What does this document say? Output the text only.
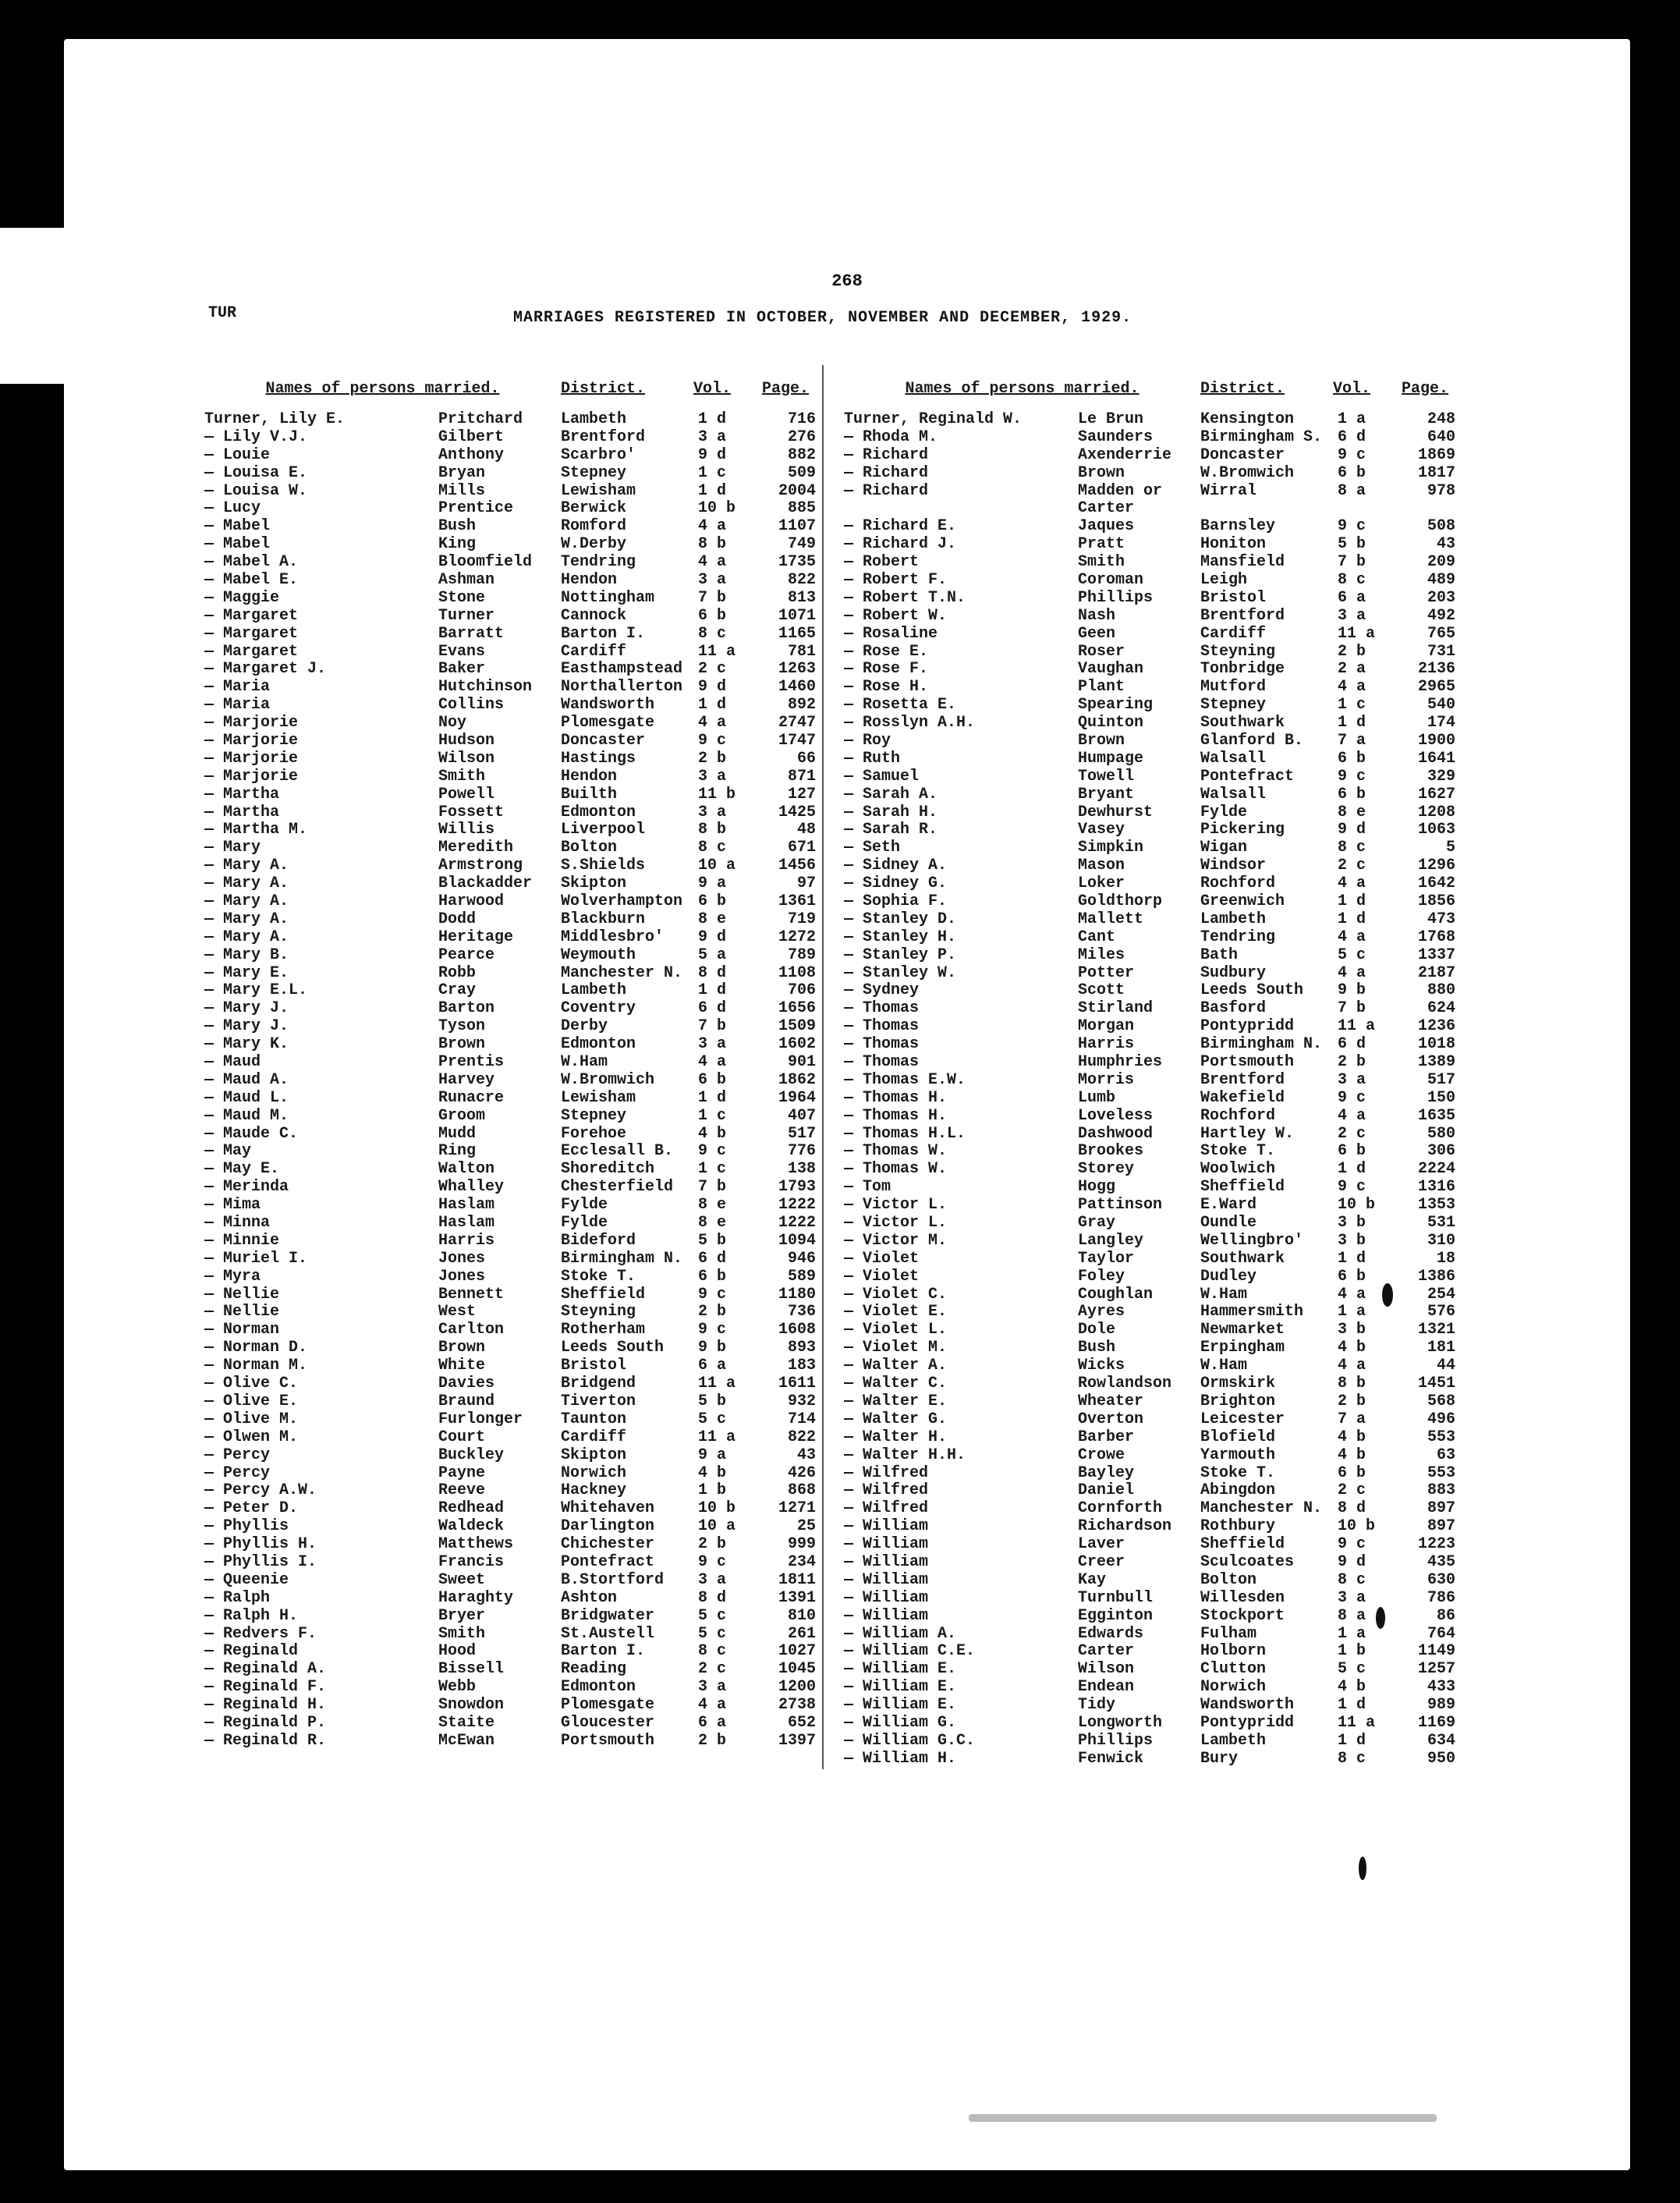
268
TUR	MARRIAGES REGISTERED IN OCTOBER, NOVEMBER AND DECEMBER, 1929.
Names of persons married.	District.	Vol.	Page.
Turner, Lily E.	Pritchard	Lambeth	1 d	716
— Lily V.J.	Gilbert	Brentford	3 a	276
— Louie	Anthony	Scarbro'	9 d	882
— Louisa E.	Bryan	Stepney	1 c	509
— Louisa W.	Mills	Lewisham	1 d	2004
— Lucy	Prentice	Berwick	10 b	885
— Mabel	Bush	Romford	4 a	1107
— Mabel	King	W.Derby	8 b	749
— Mabel A.	Bloomfield	Tendring	4 a	1735
— Mabel E.	Ashman	Hendon	3 a	822
— Maggie	Stone	Nottingham	7 b	813
— Margaret	Turner	Cannock	6 b	1071
— Margaret	Barratt	Barton I.	8 c	1165
— Margaret	Evans	Cardiff	11 a	781
— Margaret J.	Baker	Easthampstead 2 c	1263
— Maria	Hutchinson	Northallerton 9 d	1460
— Maria	Collins	Wandsworth	1 d	892
— Marjorie	Noy	Plomesgate	4 a	2747
— Marjorie	Hudson	Doncaster	9 c	1747
— Marjorie	Wilson	Hastings	2 b	66
— Marjorie	Smith	Hendon	3 a	871
— Martha	Powell	Builth	11 b	127
— Martha	Fossett	Edmonton	3 a	1425
— Martha M.	Willis	Liverpool	8 b	48
— Mary	Meredith	Bolton	8 c	671
— Mary A.	Armstrong	S.Shields	10 a	1456
— Mary A.	Blackadder	Skipton	9 a	97
— Mary A.	Harwood	Wolverhampton 6 b	1361
— Mary A.	Dodd	Blackburn	8 e	719
— Mary A.	Heritage	Middlesbro'	9 d	1272
— Mary B.	Pearce	Weymouth	5 a	789
— Mary E.	Robb	Manchester N. 8 d	1108
— Mary E.L.	Cray	Lambeth	1 d	706
— Mary J.	Barton	Coventry	6 d	1656
— Mary J.	Tyson	Derby	7 b	1509
— Mary K.	Brown	Edmonton	3 a	1602
— Maud	Prentis	W.Ham	4 a	901
— Maud A.	Harvey	W.Bromwich	6 b	1862
— Maud L.	Runacre	Lewisham	1 d	1964
— Maud M.	Groom	Stepney	1 c	407
— Maude C.	Mudd	Forehoe	4 b	517
— May	Ring	Ecclesall B.	9 c	776
— May E.	Walton	Shoreditch	1 c	138
— Merinda	Whalley	Chesterfield	7 b	1793
— Mima	Haslam	Fylde	8 e	1222
— Minna	Haslam	Fylde	8 e	1222
— Minnie	Harris	Bideford	5 b	1094
— Muriel I.	Jones	Birmingham N. 6 d	946
— Myra	Jones	Stoke T.	6 b	589
— Nellie	Bennett	Sheffield	9 c	1180
— Nellie	West	Steyning	2 b	736
— Norman	Carlton	Rotherham	9 c	1608
— Norman D.	Brown	Leeds South	9 b	893
— Norman M.	White	Bristol	6 a	183
— Olive C.	Davies	Bridgend	11 a	1611
— Olive E.	Braund	Tiverton	5 b	932
— Olive M.	Furlonger	Taunton	5 c	714
— Olwen M.	Court	Cardiff	11 a	822
— Percy	Buckley	Skipton	9 a	43
— Percy	Payne	Norwich	4 b	426
— Percy A.W.	Reeve	Hackney	1 b	868
— Peter D.	Redhead	Whitehaven	10 b	1271
— Phyllis	Waldeck	Darlington	10 a	25
— Phyllis H.	Matthews	Chichester	2 b	999
— Phyllis I.	Francis	Pontefract	9 c	234
— Queenie	Sweet	B.Stortford	3 a	1811
— Ralph	Haraghty	Ashton	8 d	1391
— Ralph H.	Bryer	Bridgwater	5 c	810
— Redvers F.	Smith	St.Austell	5 c	261
— Reginald	Hood	Barton I.	8 c	1027
— Reginald A.	Bissell	Reading	2 c	1045
— Reginald F.	Webb	Edmonton	3 a	1200
— Reginald H.	Snowdon	Plomesgate	4 a	2738
— Reginald P.	Staite	Gloucester	6 a	652
— Reginald R.	McEwan	Portsmouth	2 b	1397
Names of persons married.	District.	Vol.	Page.
Turner, Reginald W.	Le Brun	Kensington	1 a	248
— Rhoda M.	Saunders	Birmingham S. 6 d	640
— Richard	Axenderrie	Doncaster	9 c	1869
— Richard	Brown	W.Bromwich	6 b	1817
— Richard	Madden or	Wirral	8 a	978
Carter
— Richard E.	Jaques	Barnsley	9 c	508
— Richard J.	Pratt	Honiton	5 b	43
— Robert	Smith	Mansfield	7 b	209
— Robert F.	Coroman	Leigh	8 c	489
— Robert T.N.	Phillips	Bristol	6 a	203
— Robert W.	Nash	Brentford	3 a	492
— Rosaline	Geen	Cardiff	11 a	765
— Rose E.	Roser	Steyning	2 b	731
— Rose F.	Vaughan	Tonbridge	2 a	2136
— Rose H.	Plant	Mutford	4 a	2965
— Rosetta E.	Spearing	Stepney	1 c	540
— Rosslyn A.H.	Quinton	Southwark	1 d	174
— Roy	Brown	Glanford B.	7 a	1900
— Ruth	Humpage	Walsall	6 b	1641
— Samuel	Towell	Pontefract	9 c	329
— Sarah A.	Bryant	Walsall	6 b	1627
— Sarah H.	Dewhurst	Fylde	8 e	1208
— Sarah R.	Vasey	Pickering	9 d	1063
— Seth	Simpkin	Wigan	8 c	5
— Sidney A.	Mason	Windsor	2 c	1296
— Sidney G.	Loker	Rochford	4 a	1642
— Sophia F.	Goldthorp	Greenwich	1 d	1856
— Stanley D.	Mallett	Lambeth	1 d	473
— Stanley H.	Cant	Tendring	4 a	1768
— Stanley P.	Miles	Bath	5 c	1337
— Stanley W.	Potter	Sudbury	4 a	2187
— Sydney	Scott	Leeds South	9 b	880
— Thomas	Stirland	Basford	7 b	624
— Thomas	Morgan	Pontypridd	11 a	1236
— Thomas	Harris	Birmingham N. 6 d	1018
— Thomas	Humphries	Portsmouth	2 b	1389
— Thomas E.W.	Morris	Brentford	3 a	517
— Thomas H.	Lumb	Wakefield	9 c	150
— Thomas H.	Loveless	Rochford	4 a	1635
— Thomas H.L.	Dashwood	Hartley W.	2 c	580
— Thomas W.	Brookes	Stoke T.	6 b	306
— Thomas W.	Storey	Woolwich	1 d	2224
— Tom	Hogg	Sheffield	9 c	1316
— Victor L.	Pattinson	E.Ward	10 b	1353
— Victor L.	Gray	Oundle	3 b	531
— Victor M.	Langley	Wellingbro'	3 b	310
— Violet	Taylor	Southwark	1 d	18
— Violet	Foley	Dudley	6 b	1386
— Violet C.	Coughlan	W.Ham	4 a	254
— Violet E.	Ayres	Hammersmith	1 a	576
— Violet L.	Dole	Newmarket	3 b	1321
— Violet M.	Bush	Erpingham	4 b	181
— Walter A.	Wicks	W.Ham	4 a	44
— Walter C.	Rowlandson	Ormskirk	8 b	1451
— Walter E.	Wheater	Brighton	2 b	568
— Walter G.	Overton	Leicester	7 a	496
— Walter H.	Barber	Blofield	4 b	553
— Walter H.H.	Crowe	Yarmouth	4 b	63
— Wilfred	Bayley	Stoke T.	6 b	553
— Wilfred	Daniel	Abingdon	2 c	883
— Wilfred	Cornforth	Manchester N. 8 d	897
— William	Richardson	Rothbury	10 b	897
— William	Laver	Sheffield	9 c	1223
— William	Creer	Sculcoates	9 d	435
— William	Kay	Bolton	8 c	630
— William	Turnbull	Willesden	3 a	786
— William	Egginton	Stockport	8 a	86
— William A.	Edwards	Fulham	1 a	764
— William C.E.	Carter	Holborn	1 b	1149
— William E.	Wilson	Clutton	5 c	1257
— William E.	Endean	Norwich	4 b	433
— William E.	Tidy	Wandsworth	1 d	989
— William G.	Longworth	Pontypridd	11 a	1169
— William G.C.	Phillips	Lambeth	1 d	634
— William H.	Fenwick	Bury	8 c	950
